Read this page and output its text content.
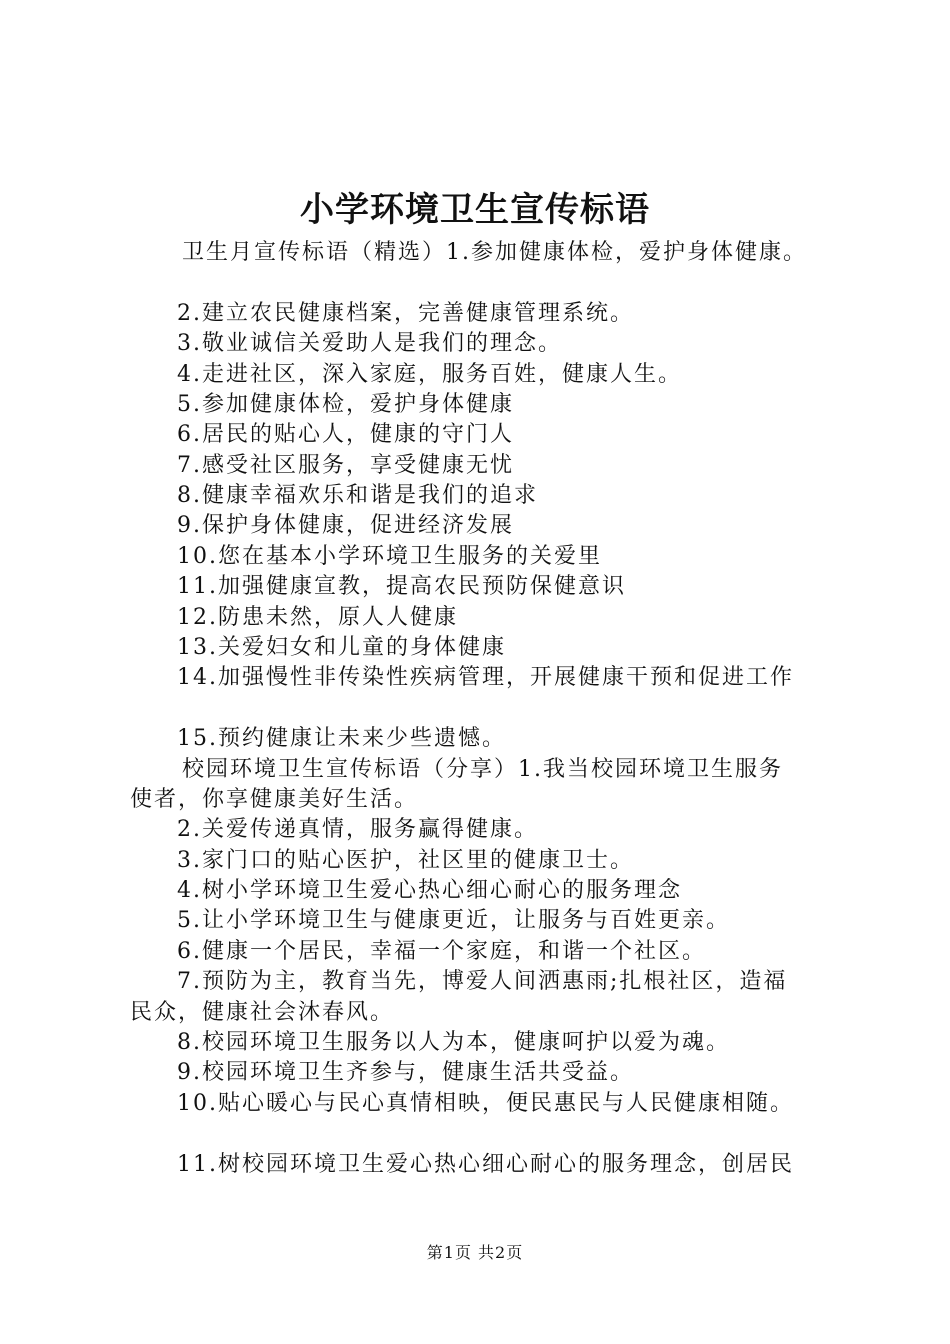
小学环境卫生宣传标语
卫生月宣传标语（精选）1.参加健康体检，爱护身体健康。
2.建立农民健康档案，完善健康管理系统。
3.敬业诚信关爱助人是我们的理念。
4.走进社区，深入家庭，服务百姓，健康人生。
5.参加健康体检，爱护身体健康
6.居民的贴心人，健康的守门人
7.感受社区服务，享受健康无忧
8.健康幸福欢乐和谐是我们的追求
9.保护身体健康，促进经济发展
10.您在基本小学环境卫生服务的关爱里
11.加强健康宣教，提高农民预防保健意识
12.防患未然，原人人健康
13.关爱妇女和儿童的身体健康
14.加强慢性非传染性疾病管理，开展健康干预和促进工作
15.预约健康让未来少些遗憾。
校园环境卫生宣传标语（分享）1.我当校园环境卫生服务
使者，你享健康美好生活。
2.关爱传递真情，服务赢得健康。
3.家门口的贴心医护，社区里的健康卫士。
4.树小学环境卫生爱心热心细心耐心的服务理念
5.让小学环境卫生与健康更近，让服务与百姓更亲。
6.健康一个居民，幸福一个家庭，和谐一个社区。
7.预防为主，教育当先，博爱人间洒惠雨;扎根社区，造福
民众，健康社会沐春风。
8.校园环境卫生服务以人为本，健康呵护以爱为魂。
9.校园环境卫生齐参与，健康生活共受益。
10.贴心暖心与民心真情相映，便民惠民与人民健康相随。
11.树校园环境卫生爱心热心细心耐心的服务理念，创居民
第1页 共2页
